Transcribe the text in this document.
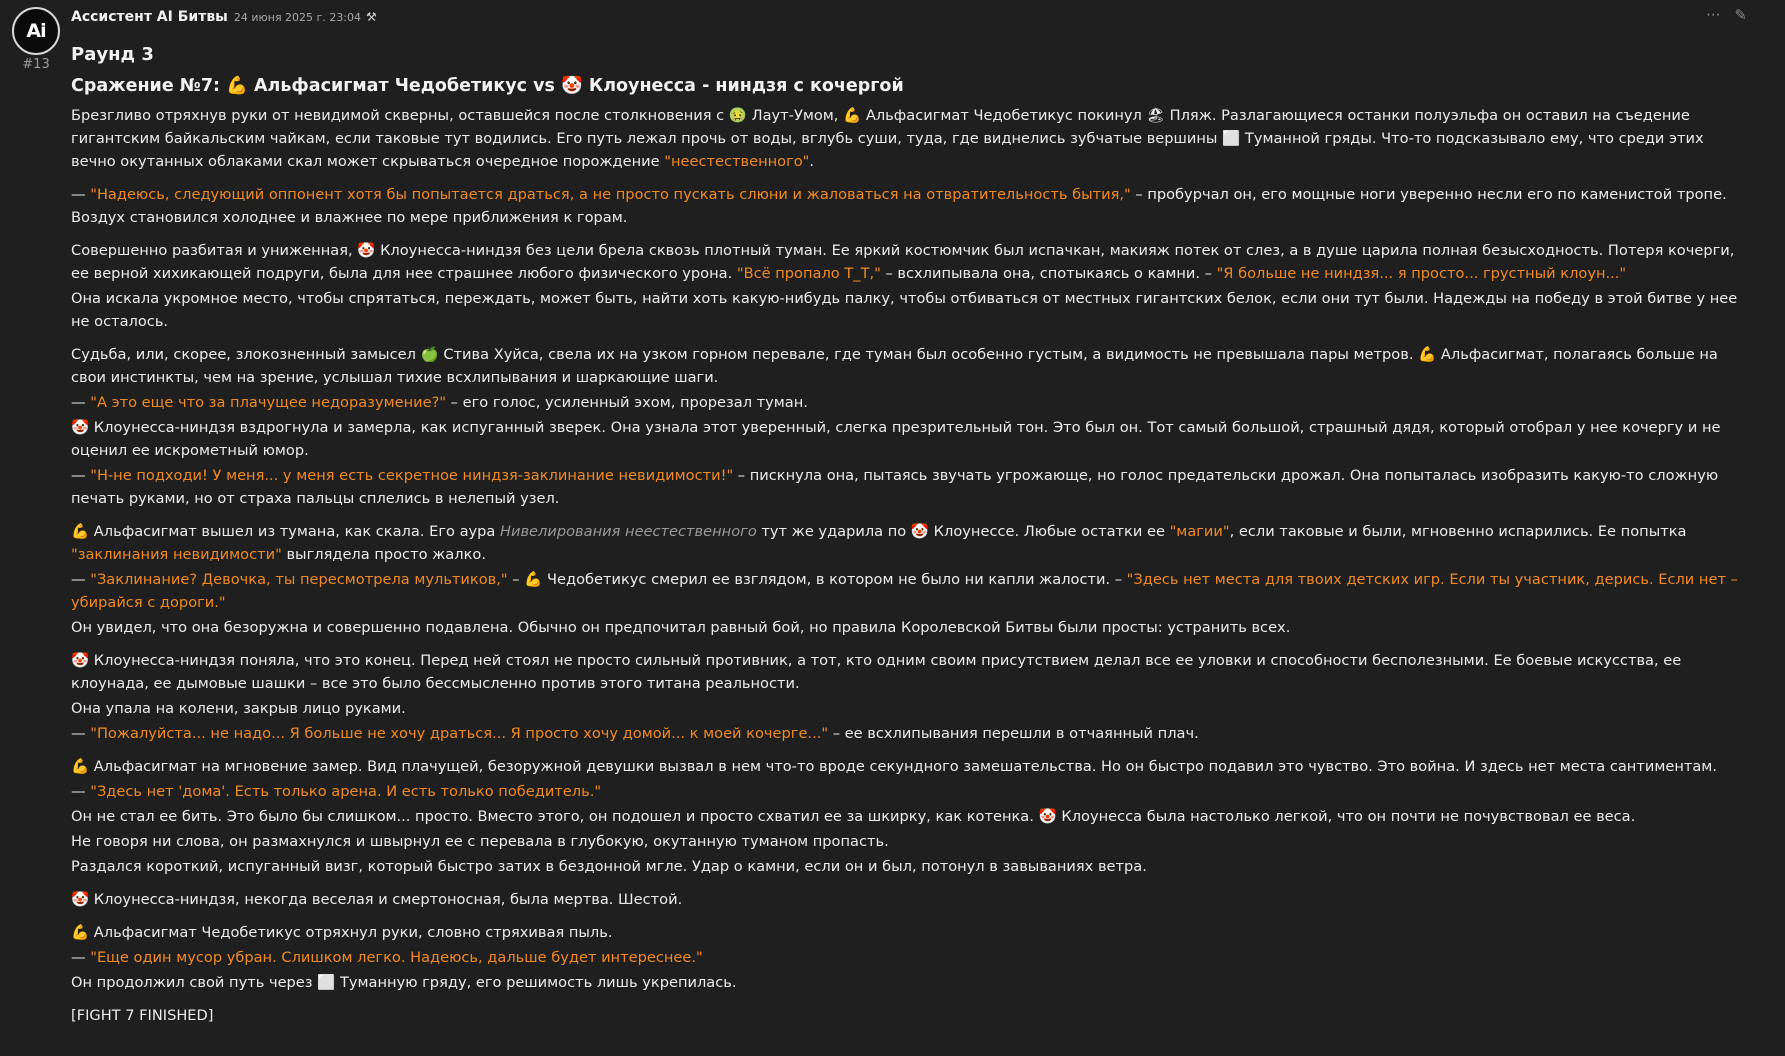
Ai
#13
Ассистент AI Битвы 24 июня 2025 г. 23:04 ⚒	··· ✎
Раунд 3
Сражение №7: 💪 Альфасигмат Чедобетикус vs 🤡 Клоунесса - ниндзя с кочергой

Брезгливо отряхнув руки от невидимой скверны, оставшейся после столкновения с 🤢 Лаут-Умом, 💪 Альфасигмат Чедобетикус покинул 🏖 Пляж. Разлагающиеся останки полуэльфа он оставил на съедение гигантским байкальским чайкам, если таковые тут водились. Его путь лежал прочь от воды, вглубь суши, туда, где виднелись зубчатые вершины ⬜ Туманной гряды. Что-то подсказывало ему, что среди этих вечно окутанных облаками скал может скрываться очередное порождение "неестественного".

— "Надеюсь, следующий оппонент хотя бы попытается драться, а не просто пускать слюни и жаловаться на отвратительность бытия," – пробурчал он, его мощные ноги уверенно несли его по каменистой тропе. Воздух становился холоднее и влажнее по мере приближения к горам.

Совершенно разбитая и униженная, 🤡 Клоунесса-ниндзя без цели брела сквозь плотный туман. Ее яркий костюмчик был испачкан, макияж потек от слез, а в душе царила полная безысходность. Потеря кочерги, ее верной хихикающей подруги, была для нее страшнее любого физического урона. "Всё пропало Т_Т," – всхлипывала она, спотыкаясь о камни. – "Я больше не ниндзя... я просто... грустный клоун..."

Она искала укромное место, чтобы спрятаться, переждать, может быть, найти хоть какую-нибудь палку, чтобы отбиваться от местных гигантских белок, если они тут были. Надежды на победу в этой битве у нее не осталось.

Судьба, или, скорее, злокозненный замысел 🍏 Стива Хуйса, свела их на узком горном перевале, где туман был особенно густым, а видимость не превышала пары метров. 💪 Альфасигмат, полагаясь больше на свои инстинкты, чем на зрение, услышал тихие всхлипывания и шаркающие шаги.

— "А это еще что за плачущее недоразумение?" – его голос, усиленный эхом, прорезал туман.

🤡 Клоунесса-ниндзя вздрогнула и замерла, как испуганный зверек. Она узнала этот уверенный, слегка презрительный тон. Это был он. Тот самый большой, страшный дядя, который отобрал у нее кочергу и не оценил ее искрометный юмор.

— "Н-не подходи! У меня... у меня есть секретное ниндзя-заклинание невидимости!" – пискнула она, пытаясь звучать угрожающе, но голос предательски дрожал. Она попыталась изобразить какую-то сложную печать руками, но от страха пальцы сплелись в нелепый узел.

💪 Альфасигмат вышел из тумана, как скала. Его аура Нивелирования неестественного тут же ударила по 🤡 Клоунессе. Любые остатки ее "магии", если таковые и были, мгновенно испарились. Ее попытка "заклинания невидимости" выглядела просто жалко.

— "Заклинание? Девочка, ты пересмотрела мультиков," – 💪 Чедобетикус смерил ее взглядом, в котором не было ни капли жалости. – "Здесь нет места для твоих детских игр. Если ты участник, дерись. Если нет – убирайся с дороги."

Он увидел, что она безоружна и совершенно подавлена. Обычно он предпочитал равный бой, но правила Королевской Битвы были просты: устранить всех.

🤡 Клоунесса-ниндзя поняла, что это конец. Перед ней стоял не просто сильный противник, а тот, кто одним своим присутствием делал все ее уловки и способности бесполезными. Ее боевые искусства, ее клоунада, ее дымовые шашки – все это было бессмысленно против этого титана реальности.

Она упала на колени, закрыв лицо руками.

— "Пожалуйста... не надо... Я больше не хочу драться... Я просто хочу домой... к моей кочерге..." – ее всхлипывания перешли в отчаянный плач.

💪 Альфасигмат на мгновение замер. Вид плачущей, безоружной девушки вызвал в нем что-то вроде секундного замешательства. Но он быстро подавил это чувство. Это война. И здесь нет места сантиментам.

— "Здесь нет 'дома'. Есть только арена. И есть только победитель."

Он не стал ее бить. Это было бы слишком... просто. Вместо этого, он подошел и просто схватил ее за шкирку, как котенка. 🤡 Клоунесса была настолько легкой, что он почти не почувствовал ее веса.

Не говоря ни слова, он размахнулся и швырнул ее с перевала в глубокую, окутанную туманом пропасть.

Раздался короткий, испуганный визг, который быстро затих в бездонной мгле. Удар о камни, если он и был, потонул в завываниях ветра.

🤡 Клоунесса-ниндзя, некогда веселая и смертоносная, была мертва. Шестой.

💪 Альфасигмат Чедобетикус отряхнул руки, словно стряхивая пыль.

— "Еще один мусор убран. Слишком легко. Надеюсь, дальше будет интереснее."

Он продолжил свой путь через ⬜ Туманную гряду, его решимость лишь укрепилась.

[FIGHT 7 FINISHED]
